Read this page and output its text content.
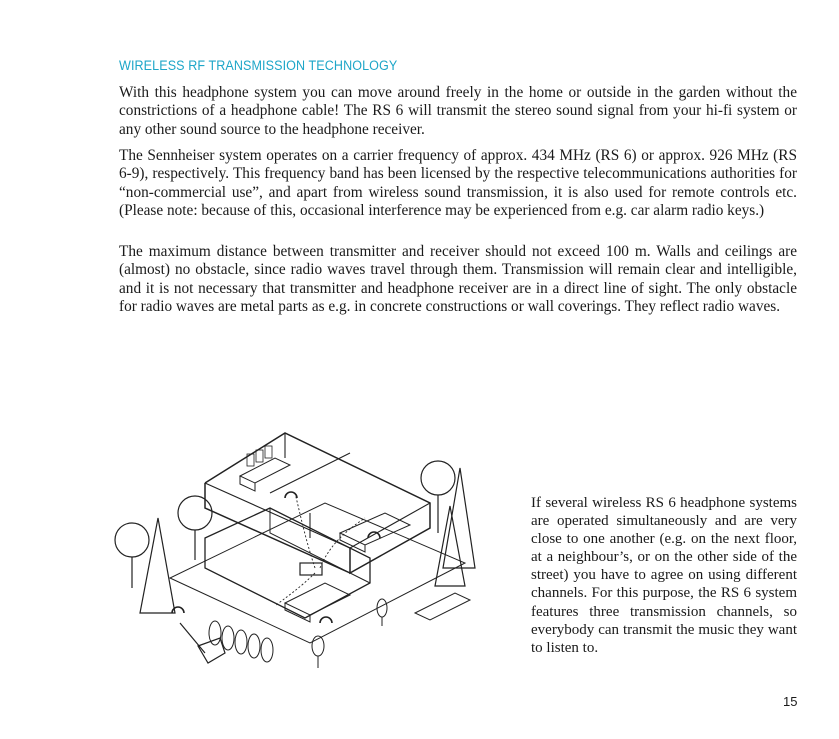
WIRELESS RF TRANSMISSION TECHNOLOGY

With this headphone system you can move around freely in the home or outside in the garden without the constrictions of a headphone cable! The RS 6 will transmit the stereo sound signal from your hi-fi system or any other sound source to the headphone receiver.

The Sennheiser system operates on a carrier frequency of approx. 434 MHz (RS 6) or approx. 926 MHz (RS 6-9), respectively. This frequency band has been licensed by the respective telecommunications authorities for “non-commercial use”, and apart from wireless sound transmission, it is also used for remote controls etc. (Please note: because of this, occasional interference may be experienced from e.g. car alarm radio keys.)

The maximum distance between transmitter and receiver should not exceed 100 m. Walls and ceilings are (almost) no obstacle, since radio waves travel through them. Transmission will remain clear and intelligible, and it is not necessary that transmitter and headphone receiver are in a direct line of sight. The only obstacle for radio waves are metal parts as e.g. in concrete constructions or wall coverings. They reflect radio waves.

If several wireless RS 6 headphone systems are operated simultaneously and are very close to one another (e.g. on the next floor, at a neighbour’s, or on the other side of the street) you have to agree on using different channels. For this purpose, the RS 6 system features three transmission channels, so everybody can transmit the music they want to listen to.

15
